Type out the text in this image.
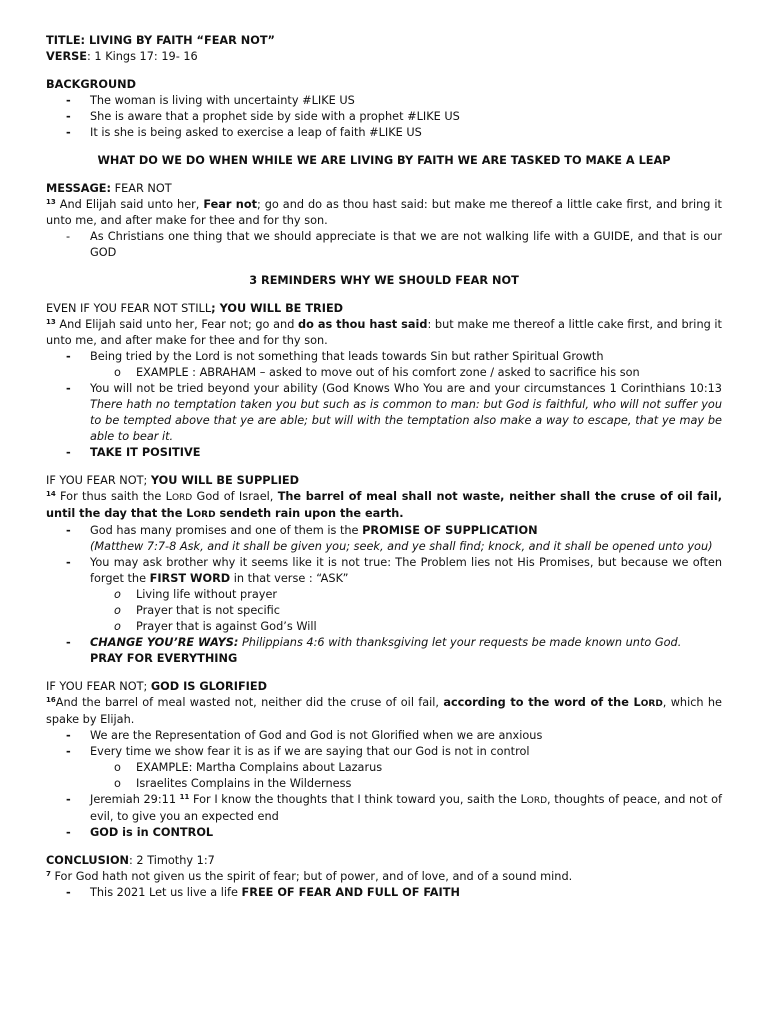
TITLE: LIVING BY FAITH “FEAR NOT”

VERSE: 1 Kings 17: 19- 16

BACKGROUND

- The woman is living with uncertainty #LIKE US
- She is aware that a prophet side by side with a prophet #LIKE US
- It is she is being asked to exercise a leap of faith #LIKE US

WHAT DO WE DO WHEN WHILE WE ARE LIVING BY FAITH WE ARE TASKED TO MAKE A LEAP

MESSAGE: FEAR NOT

$^{13}$ And Elijah said unto her, Fear not; go and do as thou hast said: but make me thereof a little cake first, and bring it unto me, and after make for thee and for thy son.

- As Christians one thing that we should appreciate is that we are not walking life with a GUIDE, and that is our GOD

3 REMINDERS WHY WE SHOULD FEAR NOT

EVEN IF YOU FEAR NOT STILL; YOU WILL BE TRIED

$^{13}$ And Elijah said unto her, Fear not; go and do as thou hast said: but make me thereof a little cake first, and bring it unto me, and after make for thee and for thy son.

- Being tried by the Lord is not something that leads towards Sin but rather Spiritual Growth
o EXAMPLE : ABRAHAM – asked to move out of his comfort zone / asked to sacrifice his son
- You will not be tried beyond your ability (God Knows Who You are and your circumstances 1 Corinthians 10:13 There hath no temptation taken you but such as is common to man: but God is faithful, who will not suffer you to be tempted above that ye are able; but will with the temptation also make a way to escape, that ye may be able to bear it.
- TAKE IT POSITIVE

IF YOU FEAR NOT; YOU WILL BE SUPPLIED

$^{14}$ For thus saith the LORD God of Israel, The barrel of meal shall not waste, neither shall the cruse of oil fail, until the day that the LORD sendeth rain upon the earth.

- God has many promises and one of them is the PROMISE OF SUPPLICATION
(Matthew 7:7-8 Ask, and it shall be given you; seek, and ye shall find; knock, and it shall be opened unto you)
- You may ask brother why it seems like it is not true: The Problem lies not His Promises, but because we often forget the FIRST WORD in that verse : “ASK”
o Living life without prayer
o Prayer that is not specific
o Prayer that is against God’s Will
- CHANGE YOU’RE WAYS: Philippians 4:6 with thanksgiving let your requests be made known unto God.
PRAY FOR EVERYTHING

IF YOU FEAR NOT; GOD IS GLORIFIED

$^{16}$And the barrel of meal wasted not, neither did the cruse of oil fail, according to the word of the LORD, which he spake by Elijah.

- We are the Representation of God and God is not Glorified when we are anxious
- Every time we show fear it is as if we are saying that our God is not in control
o EXAMPLE: Martha Complains about Lazarus
o Israelites Complains in the Wilderness
- Jeremiah 29:11 $^{11}$ For I know the thoughts that I think toward you, saith the LORD, thoughts of peace, and not of evil, to give you an expected end
- GOD is in CONTROL

CONCLUSION: 2 Timothy 1:7

$^7$ For God hath not given us the spirit of fear; but of power, and of love, and of a sound mind.

- This 2021 Let us live a life FREE OF FEAR AND FULL OF FAITH
